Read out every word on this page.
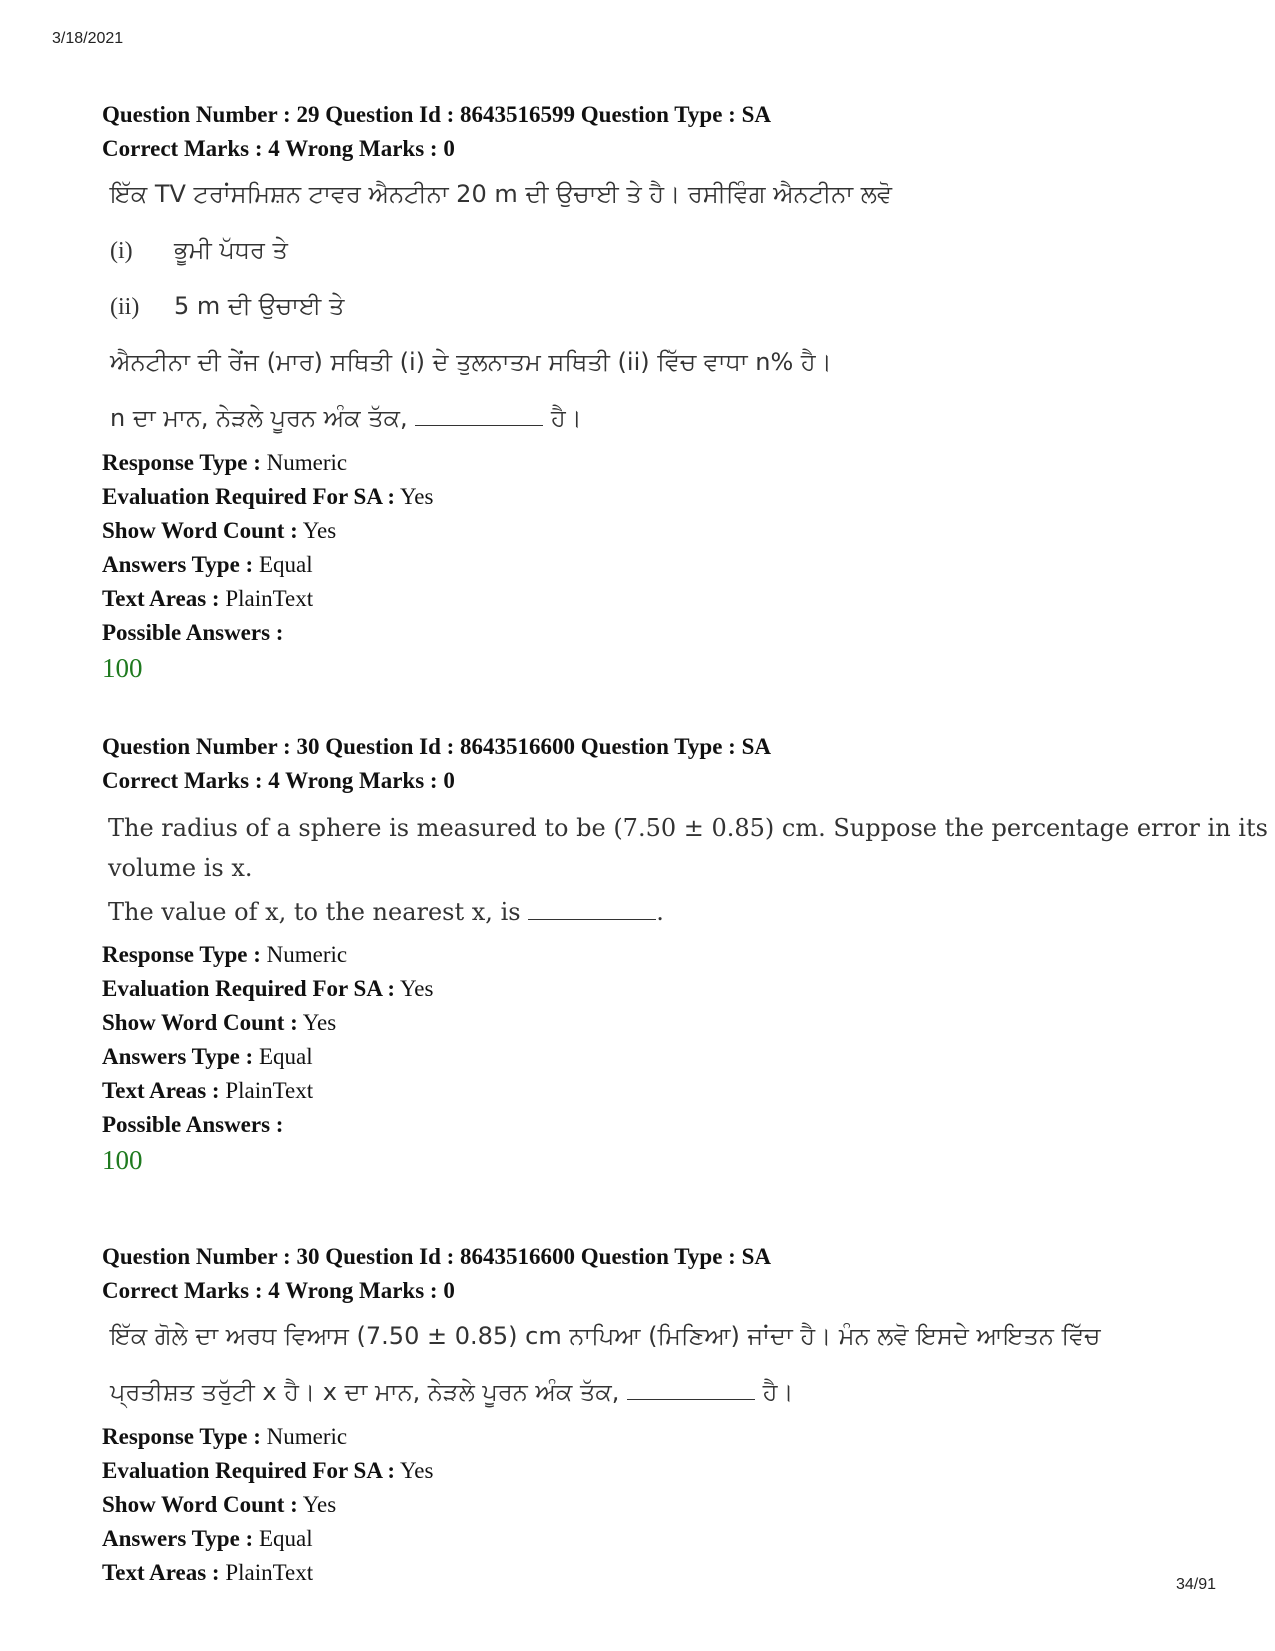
3/18/2021
Question Number : 29 Question Id : 8643516599 Question Type : SA
Correct Marks : 4 Wrong Marks : 0
ਇੱਕ TV ਟਰਾਂਸਮਿਸ਼ਨ ਟਾਵਰ ਐਨਟੀਨਾ 20 m ਦੀ ਉਚਾਈ ਤੇ ਹੈ। ਰਸੀਵਿੰਗ ਐਨਟੀਨਾ ਲਵੋ
(i) ਭੂਮੀ ਪੱਧਰ ਤੇ
(ii) 5 m ਦੀ ਉਚਾਈ ਤੇ
ਐਨਟੀਨਾ ਦੀ ਰੇਂਜ (ਮਾਰ) ਸਥਿਤੀ (i) ਦੇ ਤੁਲਨਾਤਮ ਸਥਿਤੀ (ii) ਵਿੱਚ ਵਾਧਾ n% ਹੈ।
n ਦਾ ਮਾਨ, ਨੇੜਲੇ ਪੂਰਨ ਅੰਕ ਤੱਕ,	ਹੈ।
Response Type : Numeric
Evaluation Required For SA : Yes
Show Word Count : Yes
Answers Type : Equal
Text Areas : PlainText
Possible Answers :
100
Question Number : 30 Question Id : 8643516600 Question Type : SA
Correct Marks : 4 Wrong Marks : 0
The radius of a sphere is measured to be (7.50 ± 0.85) cm. Suppose the percentage error in its
volume is x.
The value of x, to the nearest x, is	.
Response Type : Numeric
Evaluation Required For SA : Yes
Show Word Count : Yes
Answers Type : Equal
Text Areas : PlainText
Possible Answers :
100
Question Number : 30 Question Id : 8643516600 Question Type : SA
Correct Marks : 4 Wrong Marks : 0
ਇੱਕ ਗੋਲੇ ਦਾ ਅਰਧ ਵਿਆਸ (7.50 ± 0.85) cm ਨਾਪਿਆ (ਮਿਣਿਆ) ਜਾਂਦਾ ਹੈ। ਮੰਨ ਲਵੋ ਇਸਦੇ ਆਇਤਨ ਵਿੱਚ
ਪ੍ਰਤੀਸ਼ਤ ਤਰੁੱਟੀ x ਹੈ। x ਦਾ ਮਾਨ, ਨੇੜਲੇ ਪੂਰਨ ਅੰਕ ਤੱਕ,	ਹੈ।
Response Type : Numeric
Evaluation Required For SA : Yes
Show Word Count : Yes
Answers Type : Equal
Text Areas : PlainText	34/91
